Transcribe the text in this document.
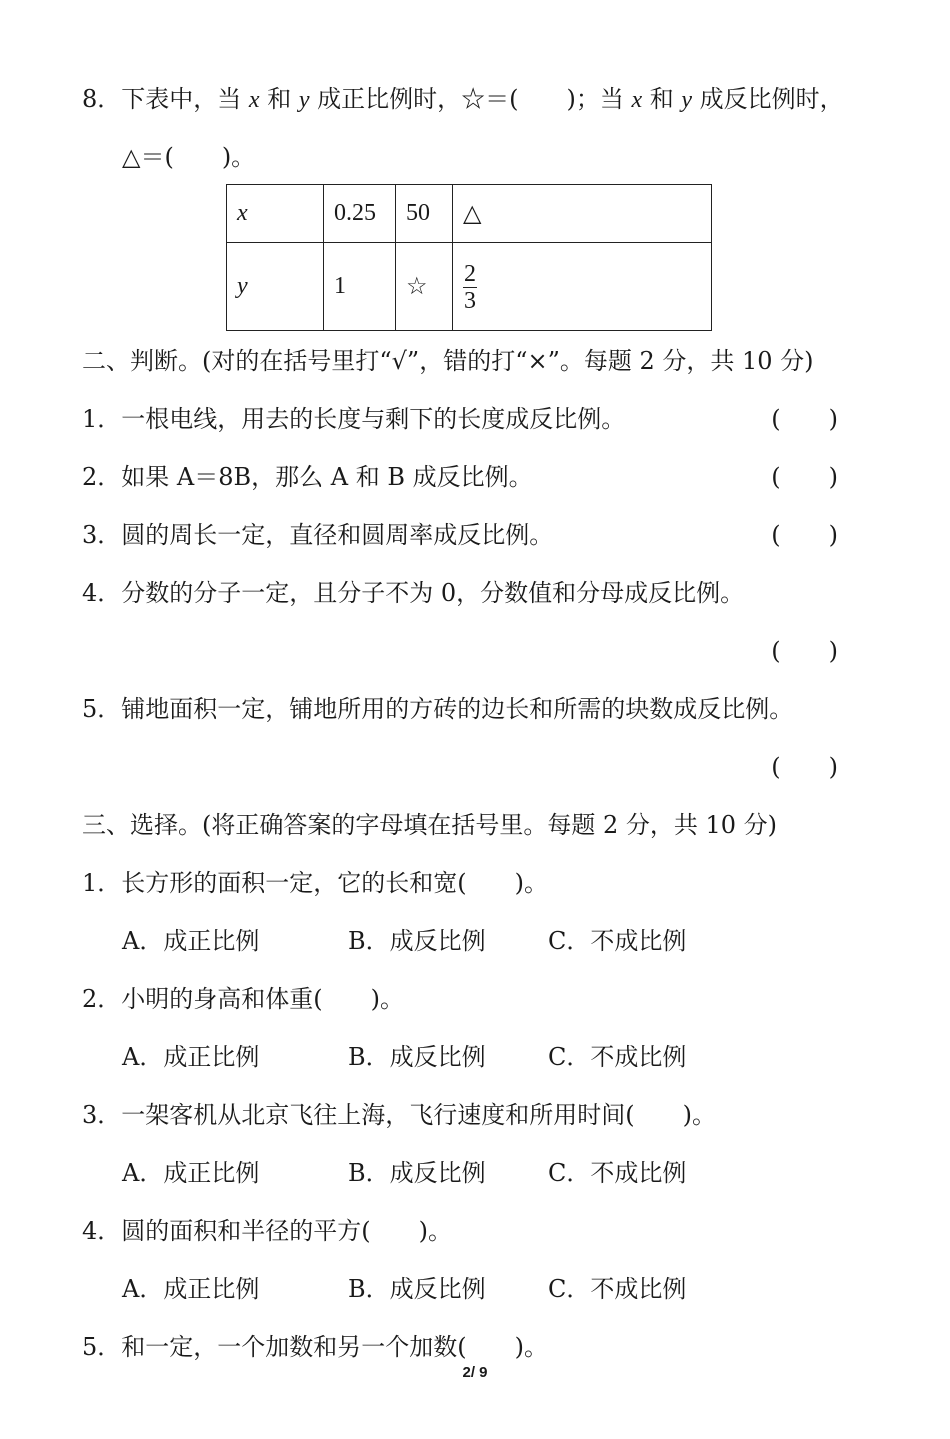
8．下表中，当 x 和 y 成正比例时，☆＝(　　)；当 x 和 y 成反比例时，
△＝(　　)。
x	0.25	50	△
y	1	☆	$\frac{2}{3}$
二、判断。(对的在括号里打“√”，错的打“×”。每题 2 分，共 10 分)
1．一根电线，用去的长度与剩下的长度成反比例。	(　　)
2．如果 A＝8B，那么 A 和 B 成反比例。	(　　)
3．圆的周长一定，直径和圆周率成反比例。	(　　)
4．分数的分子一定，且分子不为 0，分数值和分母成反比例。
(　　)
5．铺地面积一定，铺地所用的方砖的边长和所需的块数成反比例。
(　　)
三、选择。(将正确答案的字母填在括号里。每题 2 分，共 10 分)
1．长方形的面积一定，它的长和宽(　　)。
A．成正比例	B．成反比例	C．不成比例
2．小明的身高和体重(　　)。
A．成正比例	B．成反比例	C．不成比例
3．一架客机从北京飞往上海，飞行速度和所用时间(　　)。
A．成正比例	B．成反比例	C．不成比例
4．圆的面积和半径的平方(　　)。
A．成正比例	B．成反比例	C．不成比例
5．和一定，一个加数和另一个加数(　　)。
2/ 9
